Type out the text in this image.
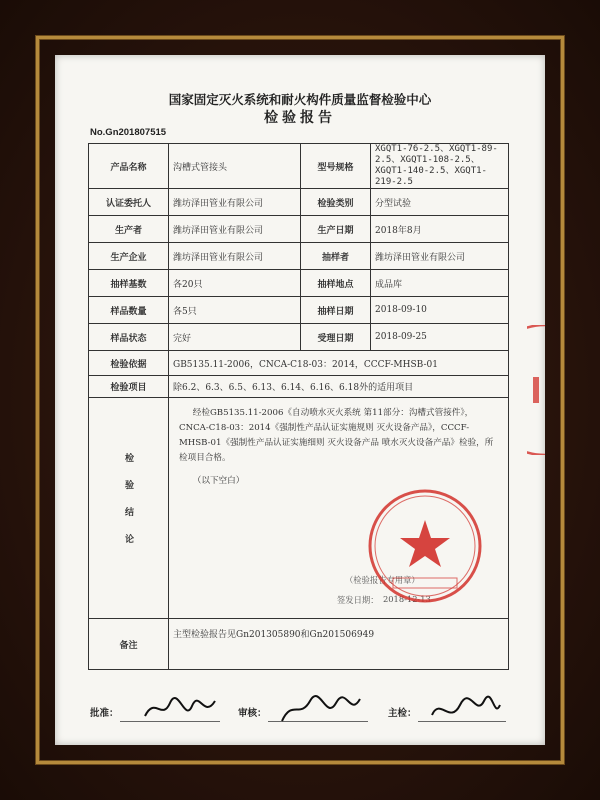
国家固定灭火系统和耐火构件质量监督检验中心
检验报告
No.Gn201807515
产品名称	沟槽式管接头	型号规格	XGQT1-76-2.5、XGQT1-89-2.5、XGQT1-108-2.5、XGQT1-140-2.5、XGQT1-219-2.5
认证委托人	潍坊泽田管业有限公司	检验类别	分型试验
生产者	潍坊泽田管业有限公司	生产日期	2018年8月
生产企业	潍坊泽田管业有限公司	抽样者	潍坊泽田管业有限公司
抽样基数	各20只	抽样地点	成品库
样品数量	各5只	抽样日期	2018-09-10
样品状态	完好	受理日期	2018-09-25
检验依据	GB5135.11-2006，CNCA-C18-03：2014，CCCF-MHSB-01		
检验项目	除6.2、6.3、6.5、6.13、6.14、6.16、6.18外的适用项目		
检验结论	经检GB5135.11-2006《自动喷水灭火系统 第11部分：沟槽式管接件》，CNCA-C18-03：2014《强制性产品认证实施规则 灭火设备产品》，CCCF-MHSB-01《强制性产品认证实施细则 灭火设备产品 喷水灭火设备产品》检验，所检项目合格。
（以下空白）
（检验报告专用章）
签发日期： 2018-12-13		

备注	主型检验报告见Gn201305890和Gn201506949		
批准：	审核：	主检：
